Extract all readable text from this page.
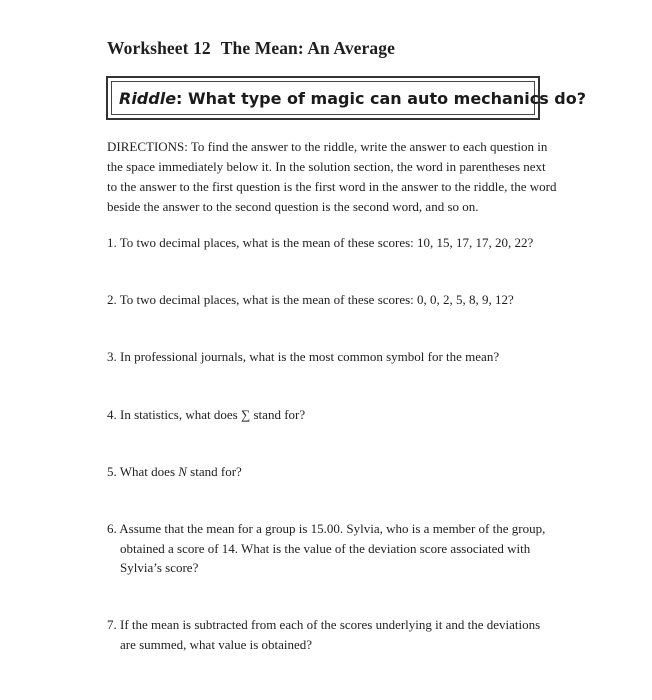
Worksheet 12 The Mean: An Average
Riddle : What type of magic can auto mechanics do?
DIRECTIONS: To find the answer to the riddle, write the answer to each question in
the space immediately below it. In the solution section, the word in parentheses next
to the answer to the first question is the first word in the answer to the riddle, the word
beside the answer to the second question is the second word, and so on.
1. To two decimal places, what is the mean of these scores: 10, 15, 17, 17, 20, 22?
2. To two decimal places, what is the mean of these scores: 0, 0, 2, 5, 8, 9, 12?
3. In professional journals, what is the most common symbol for the mean?
4. In statistics, what does ∑ stand for?
5. What does N stand for?
6. Assume that the mean for a group is 15.00. Sylvia, who is a member of the group,
obtained a score of 14. What is the value of the deviation score associated with
Sylvia’s score?
7. If the mean is subtracted from each of the scores underlying it and the deviations
are summed, what value is obtained?
